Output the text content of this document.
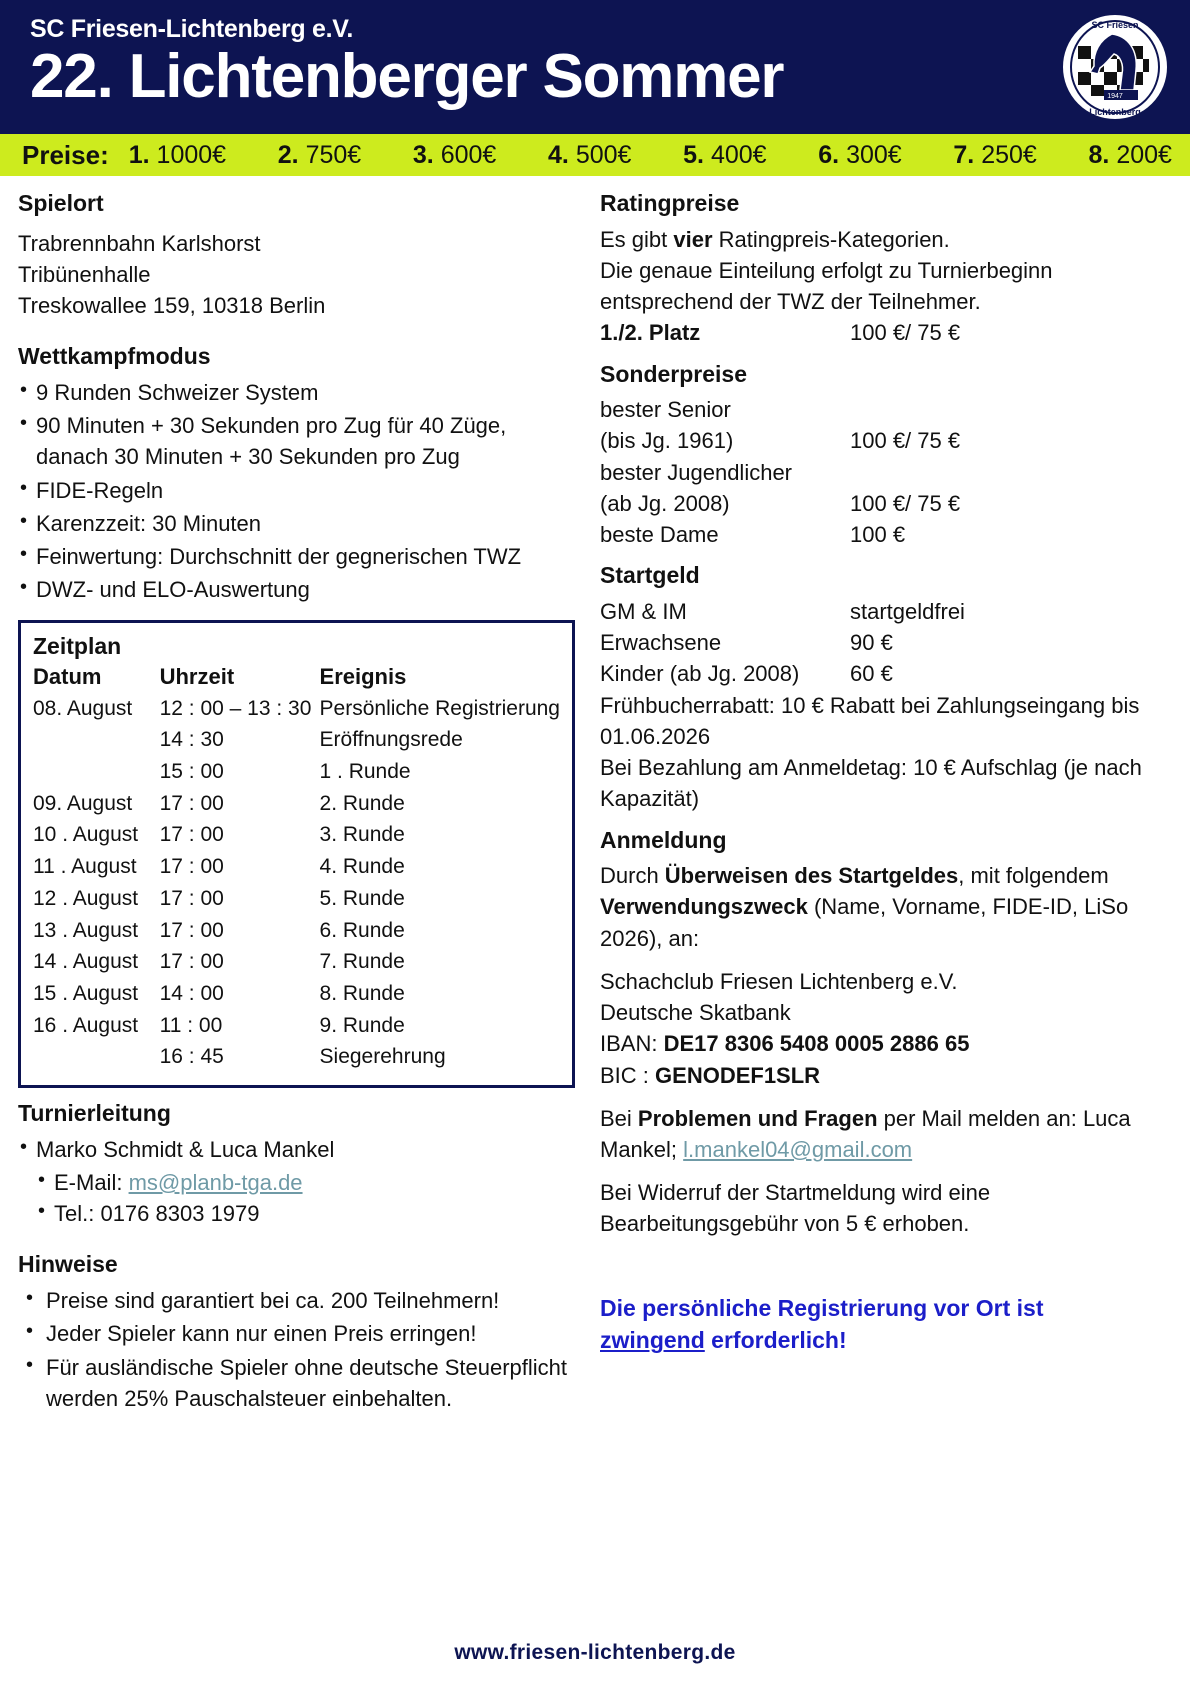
SC Friesen-Lichtenberg e.V.
22. Lichtenberger Sommer	1947
SC Friesen
Lichtenberg
Preise: 1. 1000€ 2. 750€ 3. 600€ 4. 500€ 5. 400€ 6. 300€ 7. 250€ 8. 200€
Spielort

Trabrennbahn Karlshorst

Tribünenhalle

Treskowallee 159, 10318 Berlin

Wettkampfmodus
• 9 Runden Schweizer System
• 90 Minuten + 30 Sekunden pro Zug für 40 Züge, danach 30 Minuten + 30 Sekunden pro Zug
• FIDE-Regeln
• Karenzzeit: 30 Minuten
• Feinwertung: Durchschnitt der gegnerischen TWZ
• DWZ- und ELO-Auswertung
Zeitplan
Datum	Uhrzeit	Ereignis
08. August	12 : 00 – 13 : 30	Persönliche Registrierung
	14 : 30	Eröffnungsrede
	15 : 00	1 . Runde
09. August	17 : 00	2. Runde
10 . August	17 : 00	3. Runde
11 . August	17 : 00	4. Runde
12 . August	17 : 00	5. Runde
13 . August	17 : 00	6. Runde
14 . August	17 : 00	7. Runde
15 . August	14 : 00	8. Runde
16 . August	11 : 00	9. Runde
	16 : 45	Siegerehrung
Turnierleitung
• Marko Schmidt & Luca Mankel
• E-Mail: ms@planb-tga.de
• Tel.: 0176 8303 1979
Hinweise
• Preise sind garantiert bei ca. 200 Teilnehmern!
• Jeder Spieler kann nur einen Preis erringen!
• Für ausländische Spieler ohne deutsche Steuerpflicht werden 25% Pauschalsteuer einbehalten.
Ratingpreise

Es gibt vier Ratingpreis-Kategorien.

Die genaue Einteilung erfolgt zu Turnierbeginn entsprechend der TWZ der Teilnehmer.

1./2. Platz	100 €/ 75 €
Sonderpreise
bester Senior
(bis Jg. 1961)	100 €/ 75 €
bester Jugendlicher
(ab Jg. 2008)	100 €/ 75 €
beste Dame	100 €
Startgeld
GM & IM	startgeldfrei
Erwachsene	90 €
Kinder (ab Jg. 2008)	60 €

Frühbucherrabatt: 10 € Rabatt bei Zahlungseingang bis 01.06.2026

Bei Bezahlung am Anmeldetag: 10 € Aufschlag (je nach Kapazität)

Anmeldung

Durch Überweisen des Startgeldes, mit folgendem Verwendungszweck (Name, Vorname, FIDE-ID, LiSo 2026), an:

Schachclub Friesen Lichtenberg e.V.

Deutsche Skatbank

IBAN: DE17 8306 5408 0005 2886 65

BIC : GENODEF1SLR

Bei Problemen und Fragen per Mail melden an: Luca Mankel; l.mankel04@gmail.com

Bei Widerruf der Startmeldung wird eine Bearbeitungsgebühr von 5 € erhoben.

Die persönliche Registrierung vor Ort ist
zwingend erforderlich!

www.friesen-lichtenberg.de
